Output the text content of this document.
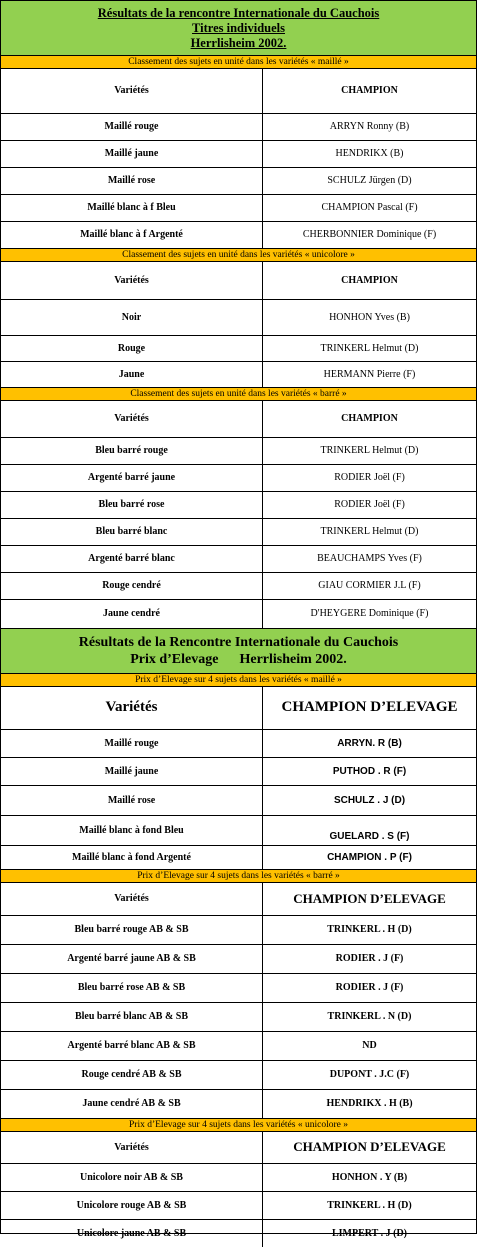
Résultats de la rencontre Internationale du Cauchois
Titres individuels
Herrlisheim 2002.
Classement des sujets en unité dans les variétés « maillé »
Variétés	CHAMPION
Maillé rouge	ARRYN Ronny (B)
Maillé jaune	HENDRIKX (B)
Maillé rose	SCHULZ Jürgen (D)
Maillé blanc à f Bleu	CHAMPION Pascal (F)
Maillé blanc à f Argenté	CHERBONNIER Dominique (F)
Classement des sujets en unité dans les variétés « unicolore »
Variétés	CHAMPION
Noir	HONHON Yves (B)
Rouge	TRINKERL Helmut (D)
Jaune	HERMANN Pierre (F)
Classement des sujets en unité dans les variétés « barré »
Variétés	CHAMPION
Bleu barré rouge	TRINKERL Helmut (D)
Argenté barré jaune	RODIER Joël (F)
Bleu barré rose	RODIER Joël (F)
Bleu barré blanc	TRINKERL Helmut (D)
Argenté barré blanc	BEAUCHAMPS Yves (F)
Rouge cendré	GIAU CORMIER J.L (F)
Jaune cendré	D'HEYGERE Dominique (F)
Résultats de la Rencontre Internationale du Cauchois
Prix d’Elevage      Herrlisheim 2002.
Prix d’Elevage sur 4 sujets dans les variétés « maillé »
Variétés	CHAMPION D’ELEVAGE
Maillé rouge	ARRYN. R (B)
Maillé jaune	PUTHOD . R (F)
Maillé rose	SCHULZ . J (D)
Maillé blanc à fond Bleu	GUELARD . S (F)
Maillé blanc à fond Argenté	CHAMPION . P (F)
Prix d’Elevage sur 4 sujets dans les variétés « barré »
Variétés	CHAMPION D’ELEVAGE
Bleu barré rouge AB & SB	TRINKERL . H (D)
Argenté barré jaune AB & SB	RODIER . J (F)
Bleu barré rose AB & SB	RODIER . J (F)
Bleu barré blanc AB & SB	TRINKERL . N (D)
Argenté barré blanc AB & SB	ND
Rouge cendré AB & SB	DUPONT . J.C (F)
Jaune cendré AB & SB	HENDRIKX . H (B)
Prix d’Elevage sur 4 sujets dans les variétés « unicolore »
Variétés	CHAMPION D’ELEVAGE
Unicolore noir AB & SB	HONHON . Y (B)
Unicolore rouge AB & SB	TRINKERL . H (D)
Unicolore jaune AB & SB	LIMPERT . J (D)
